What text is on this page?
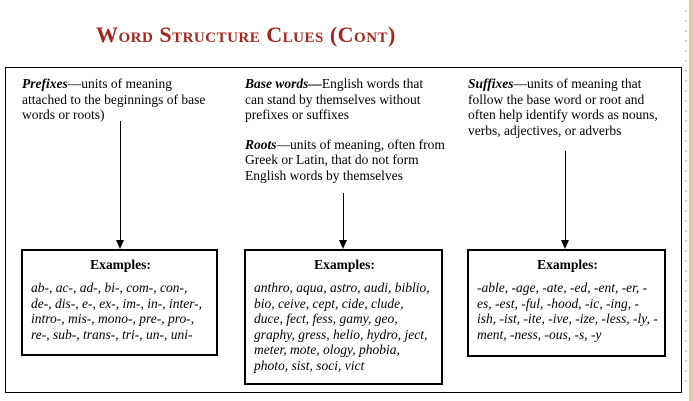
Word Structure Clues (Cont)

Prefixes—units of meaning attached to the beginnings of base words or roots)

Examples:
ab-, ac-, ad-, bi-, com-, con-, de-, dis-, e-, ex-, im-, in-, inter-, intro-, mis-, mono-, pre-, pro-, re-, sub-, trans-, tri-, un-, uni-

Base words—English words that can stand by themselves without prefixes or suffixes

Roots—units of meaning, often from Greek or Latin, that do not form English words by themselves

Examples:
anthro, aqua, astro, audi, biblio, bio, ceive, cept, cide, clude, duce, fect, fess, gamy, geo, graphy, gress, helio, hydro, ject, meter, mote, ology, phobia, photo, sist, soci, vict

Suffixes—units of meaning that follow the base word or root and often help identify words as nouns, verbs, adjectives, or adverbs

Examples:
-able, -age, -ate, -ed, -ent, -er, -es, -est, -ful, -hood, -ic, -ing, -ish, -ist, -ite, -ive, -ize, -less, -ly, -ment, -ness, -ous, -s, -y
